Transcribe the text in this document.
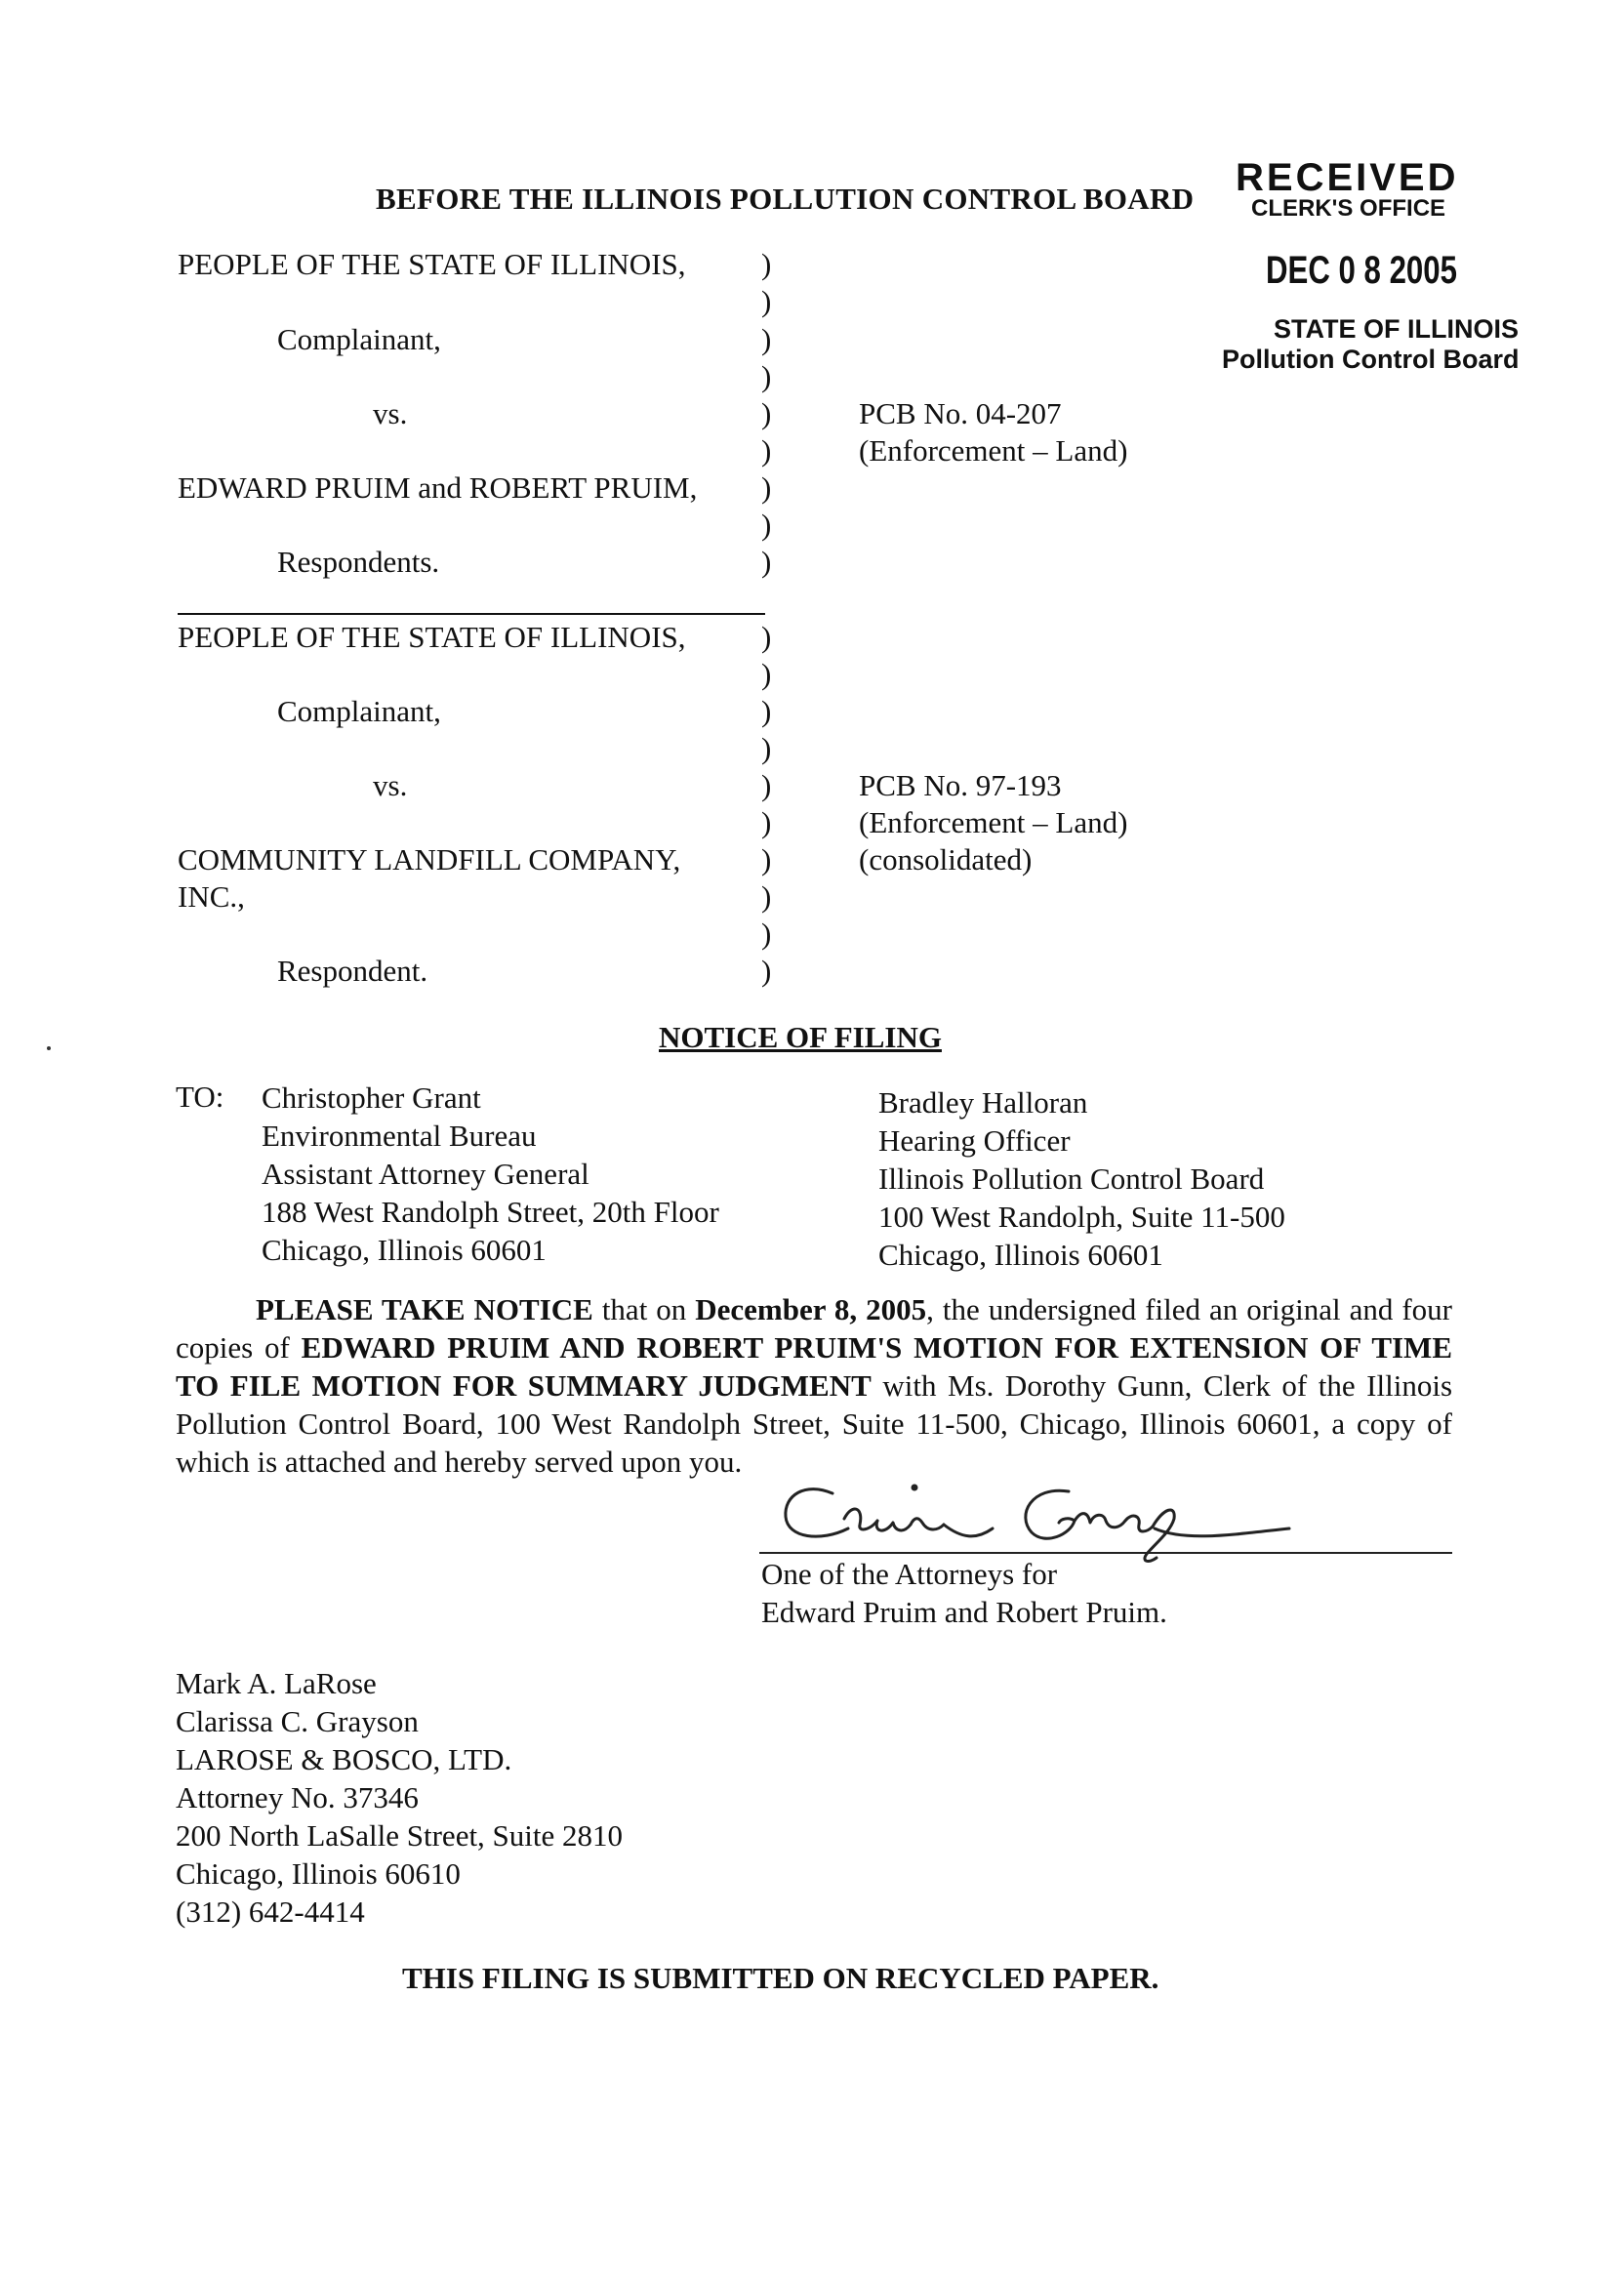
BEFORE THE ILLINOIS POLLUTION CONTROL BOARD RECEIVED
CLERK'S OFFICE
DEC 0 8 2005
STATE OF ILLINOIS
Pollution Control Board
PEOPLE OF THE STATE OF ILLINOIS,
Complainant,
vs.
EDWARD PRUIM and ROBERT PRUIM,
Respondents.
PCB No. 04-207
(Enforcement – Land)
)
)
)
)
)
)
)
)
)
PEOPLE OF THE STATE OF ILLINOIS,
Complainant,
vs.
COMMUNITY LANDFILL COMPANY,
INC.,
Respondent.
PCB No. 97-193
(Enforcement – Land)
(consolidated)
)
)
)
)
)
)
)
)
)
)
NOTICE OF FILING
TO: Christopher Grant
Environmental Bureau
Assistant Attorney General
188 West Randolph Street, 20th Floor
Chicago, Illinois 60601
Bradley Halloran
Hearing Officer
Illinois Pollution Control Board
100 West Randolph, Suite 11-500
Chicago, Illinois 60601

PLEASE TAKE NOTICE that on December 8, 2005, the undersigned filed an original and four copies of EDWARD PRUIM AND ROBERT PRUIM'S MOTION FOR EXTENSION OF TIME TO FILE MOTION FOR SUMMARY JUDGMENT with Ms. Dorothy Gunn, Clerk of the Illinois Pollution Control Board, 100 West Randolph Street, Suite 11-500, Chicago, Illinois 60601, a copy of which is attached and hereby served upon you.

One of the Attorneys for
Edward Pruim and Robert Pruim.
Mark A. LaRose
Clarissa C. Grayson
LAROSE & BOSCO, LTD.
Attorney No. 37346
200 North LaSalle Street, Suite 2810
Chicago, Illinois 60610
(312) 642-4414
THIS FILING IS SUBMITTED ON RECYCLED PAPER.
